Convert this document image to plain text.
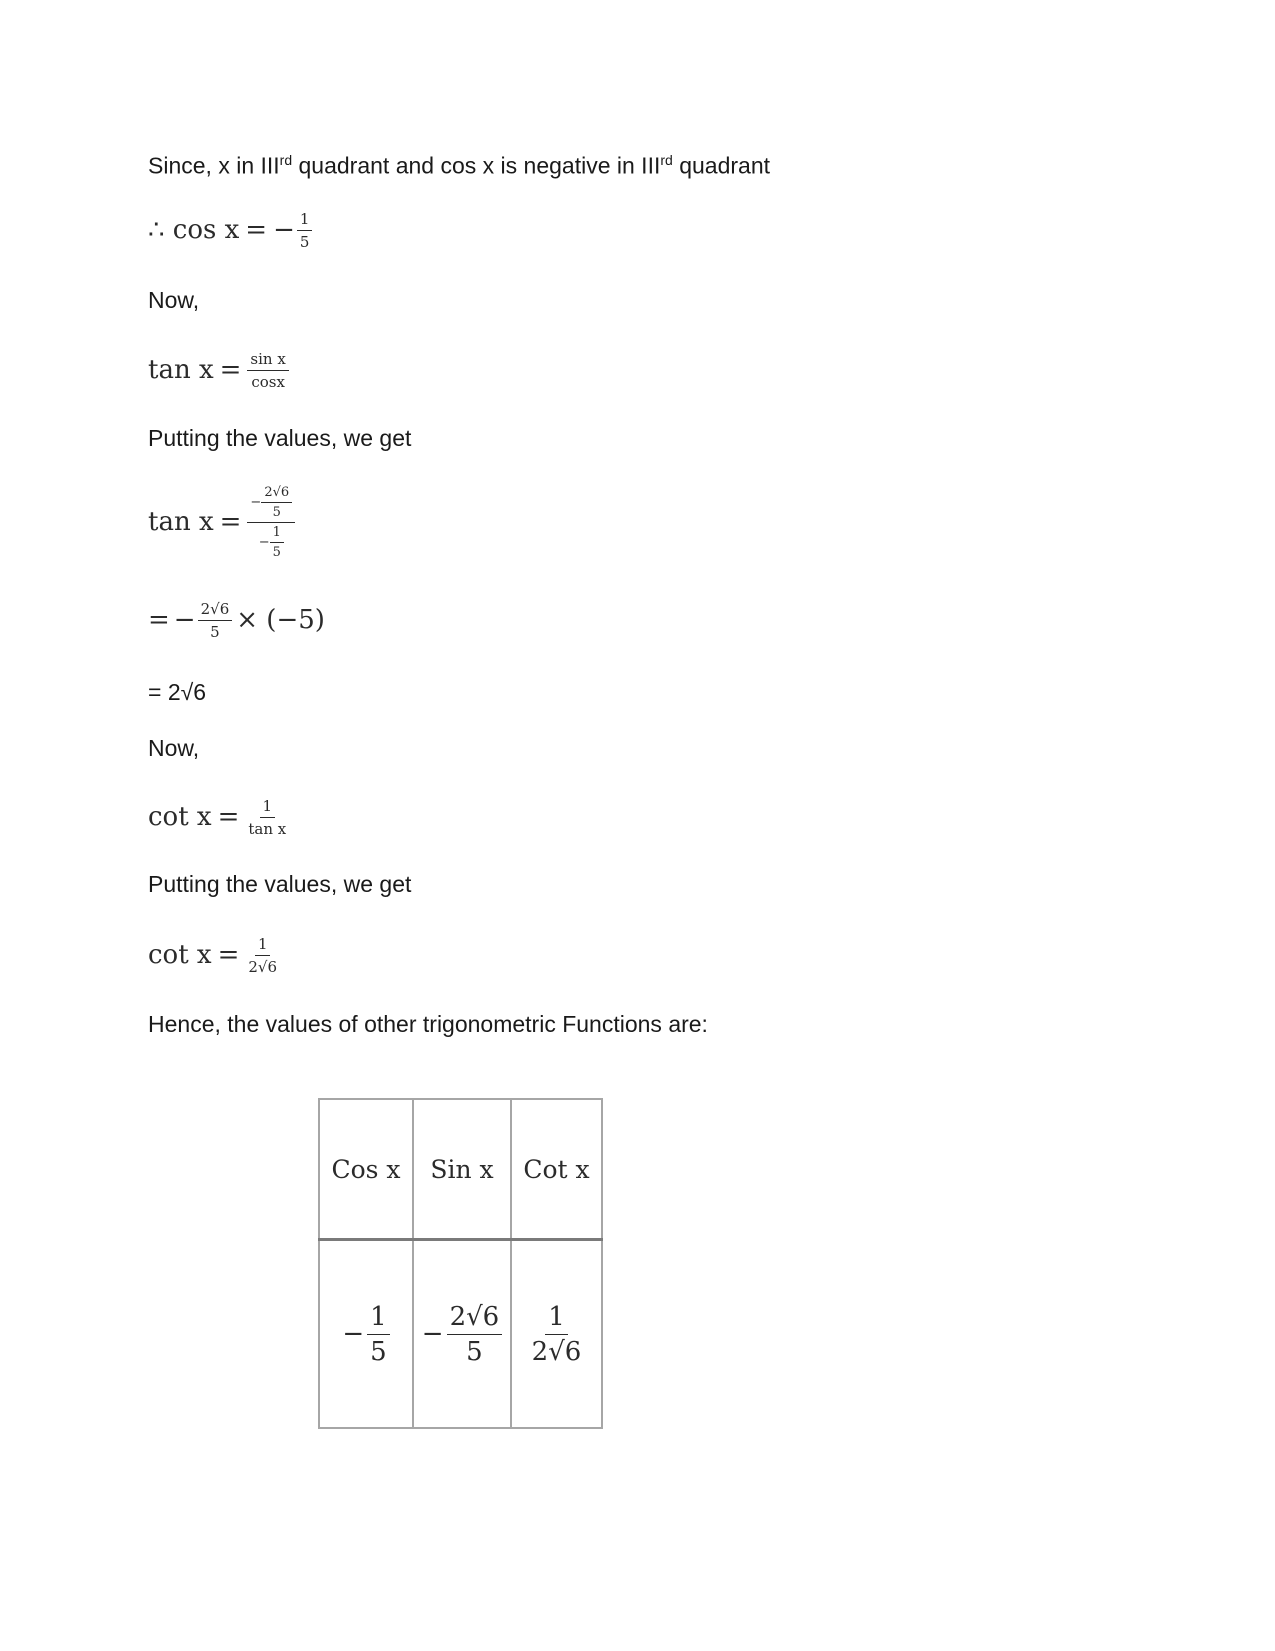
Since, x in IIIrd quadrant and cos x is negative in IIIrd quadrant
∴ cos x = − $\frac{1}{5}$
Now,
$\tan x = \frac{\text{sin x}}{\cos x}$
Putting the values, we get
$\tan x = \frac{- \frac{2√6}{5}}{- \frac{1}{5}}$
= − $\frac{2√6}{5} \times (-5)$
= 2√6
Now,
$\cot x = \frac{1}{\text{tan x}}$
Putting the values, we get
$\cot x = \frac{1}{2√6}$
Hence, the values of other trigonometric Functions are:
Cos x	Sin x	Cot x

− $\frac{1}{5}$	− $\frac{2√6}{5}$	$\frac{1}{2√6}$
